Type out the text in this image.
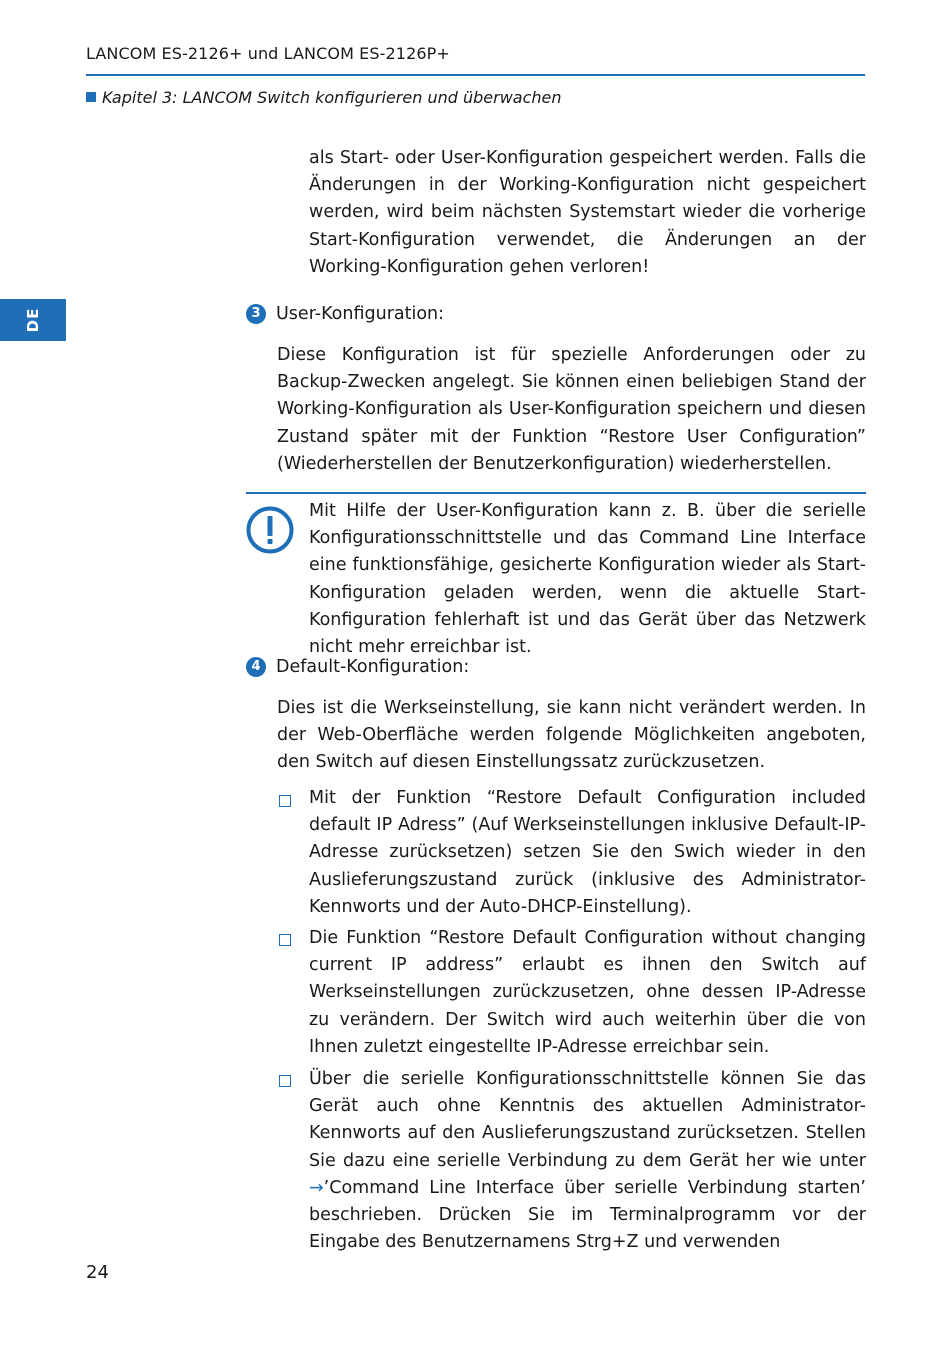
LANCOM ES-2126+ und LANCOM ES-2126P+
Kapitel 3: LANCOM Switch konfigurieren und überwachen
DE

als Start- oder User-Konfiguration gespeichert werden. Falls die Änderungen in der Working-Konfiguration nicht gespeichert werden, wird beim nächsten Systemstart wieder die vorherige Start-Konfiguration verwendet, die Änderungen an der Working-Konfiguration gehen verloren!

3 User-Konfiguration:

Diese Konfiguration ist für spezielle Anforderungen oder zu Backup-Zwecken angelegt. Sie können einen beliebigen Stand der Working-Konfiguration als User-Konfiguration speichern und diesen Zustand später mit der Funktion “Restore User Configuration” (Wiederherstellen der Benutzerkonfiguration) wiederherstellen.

Mit Hilfe der User-Konfiguration kann z. B. über die serielle Konfigurationsschnittstelle und das Command Line Interface eine funktionsfähige, gesicherte Konfiguration wieder als Start-Konfiguration geladen werden, wenn die aktuelle Start-Konfiguration fehlerhaft ist und das Gerät über das Netzwerk nicht mehr erreichbar ist.

4 Default-Konfiguration:

Dies ist die Werkseinstellung, sie kann nicht verändert werden. In der Web-Oberfläche werden folgende Möglichkeiten angeboten, den Switch auf diesen Einstellungssatz zurückzusetzen.

Mit der Funktion “Restore Default Configuration included default IP Adress” (Auf Werkseinstellungen inklusive Default-IP-Adresse zurücksetzen) setzen Sie den Swich wieder in den Auslieferungszustand zurück (inklusive des Administrator-Kennworts und der Auto-DHCP-Einstellung).

Die Funktion “Restore Default Configuration without changing current IP address” erlaubt es ihnen den Switch auf Werkseinstellungen zurückzusetzen, ohne dessen IP-Adresse zu verändern. Der Switch wird auch weiterhin über die von Ihnen zuletzt eingestellte IP-Adresse erreichbar sein.

Über die serielle Konfigurationsschnittstelle können Sie das Gerät auch ohne Kenntnis des aktuellen Administrator-Kennworts auf den Auslieferungszustand zurücksetzen. Stellen Sie dazu eine serielle Verbindung zu dem Gerät her wie unter →’Command Line Interface über serielle Verbindung starten’ beschrieben. Drücken Sie im Terminalprogramm vor der Eingabe des Benutzernamens Strg+Z und verwenden

24
